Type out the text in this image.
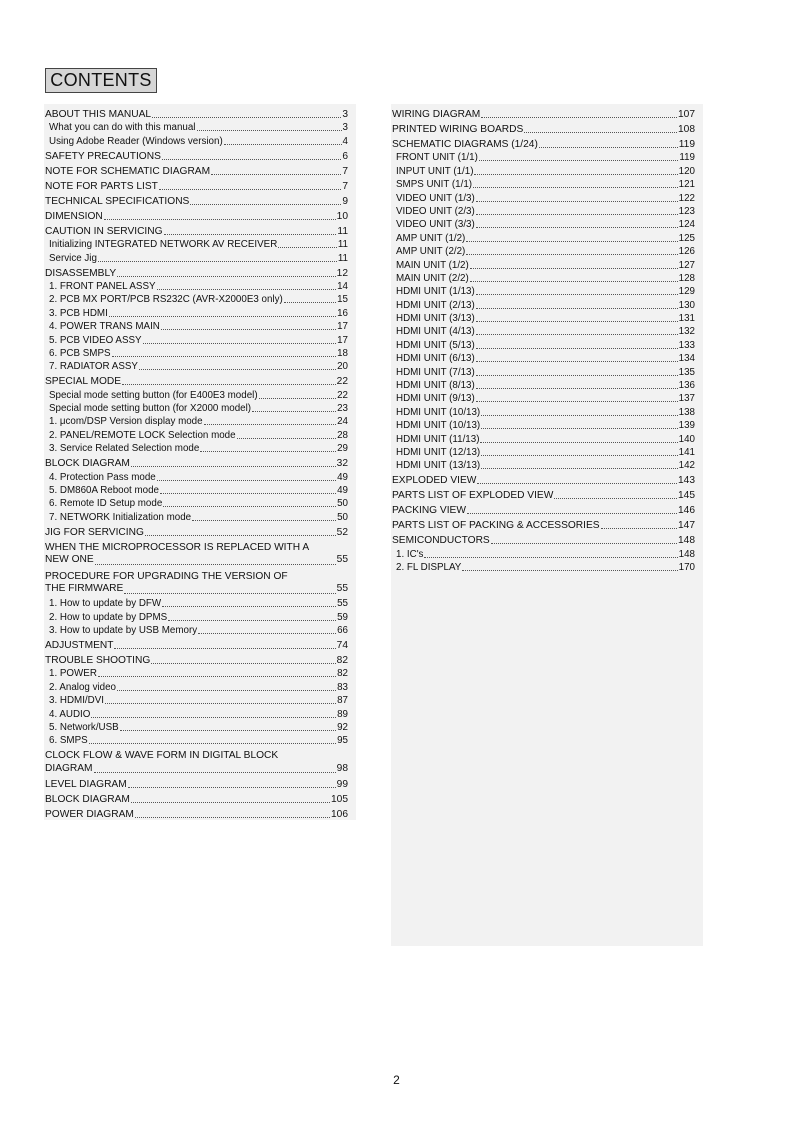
CONTENTS
ABOUT THIS MANUAL	3
What you can do with this manual	3
Using Adobe Reader (Windows version)	4
SAFETY PRECAUTIONS	6
NOTE FOR SCHEMATIC DIAGRAM	7
NOTE FOR PARTS LIST	7
TECHNICAL SPECIFICATIONS	9
DIMENSION	10
CAUTION IN SERVICING	11
Initializing INTEGRATED NETWORK AV RECEIVER	11
Service Jig	11
DISASSEMBLY	12
1. FRONT PANEL ASSY	14
2. PCB MX PORT/PCB RS232C (AVR-X2000E3 only)	15
3. PCB HDMI	16
4. POWER TRANS MAIN	17
5. PCB VIDEO ASSY	17
6. PCB SMPS	18
7. RADIATOR ASSY	20
SPECIAL MODE	22
Special mode setting button (for E400E3 model)	22
Special mode setting button (for X2000 model)	23
1. μcom/DSP Version display mode	24
2. PANEL/REMOTE LOCK Selection mode	28
3. Service Related Selection mode	29
BLOCK DIAGRAM	32
4. Protection Pass mode	49
5. DM860A Reboot mode	49
6. Remote ID Setup mode	50
7. NETWORK Initialization mode	50
JIG FOR SERVICING	52
WHEN THE MICROPROCESSOR IS REPLACED WITH A
NEW ONE	55
PROCEDURE FOR UPGRADING THE VERSION OF
THE FIRMWARE	55
1. How to update by DFW	55
2. How to update by DPMS	59
3. How to update by USB Memory	66
ADJUSTMENT	74
TROUBLE SHOOTING	82
1. POWER	82
2. Analog video	83
3. HDMI/DVI	87
4. AUDIO	89
5. Network/USB	92
6. SMPS	95
CLOCK FLOW & WAVE FORM IN DIGITAL BLOCK
DIAGRAM	98
LEVEL DIAGRAM	99
BLOCK DIAGRAM	105
POWER DIAGRAM	106
WIRING DIAGRAM	107
PRINTED WIRING BOARDS	108
SCHEMATIC DIAGRAMS (1/24)	119
FRONT UNIT (1/1)	119
INPUT UNIT (1/1)	120
SMPS UNIT (1/1)	121
VIDEO UNIT (1/3)	122
VIDEO UNIT (2/3)	123
VIDEO UNIT (3/3)	124
AMP UNIT (1/2)	125
AMP UNIT (2/2)	126
MAIN UNIT (1/2)	127
MAIN UNIT (2/2)	128
HDMI UNIT (1/13)	129
HDMI UNIT (2/13)	130
HDMI UNIT (3/13)	131
HDMI UNIT (4/13)	132
HDMI UNIT (5/13)	133
HDMI UNIT (6/13)	134
HDMI UNIT (7/13)	135
HDMI UNIT (8/13)	136
HDMI UNIT (9/13)	137
HDMI UNIT (10/13)	138
HDMI UNIT (10/13)	139
HDMI UNIT (11/13)	140
HDMI UNIT (12/13)	141
HDMI UNIT (13/13)	142
EXPLODED VIEW	143
PARTS LIST OF EXPLODED VIEW	145
PACKING VIEW	146
PARTS LIST OF PACKING & ACCESSORIES	147
SEMICONDUCTORS	148
1. IC's	148
2. FL DISPLAY	170
2
